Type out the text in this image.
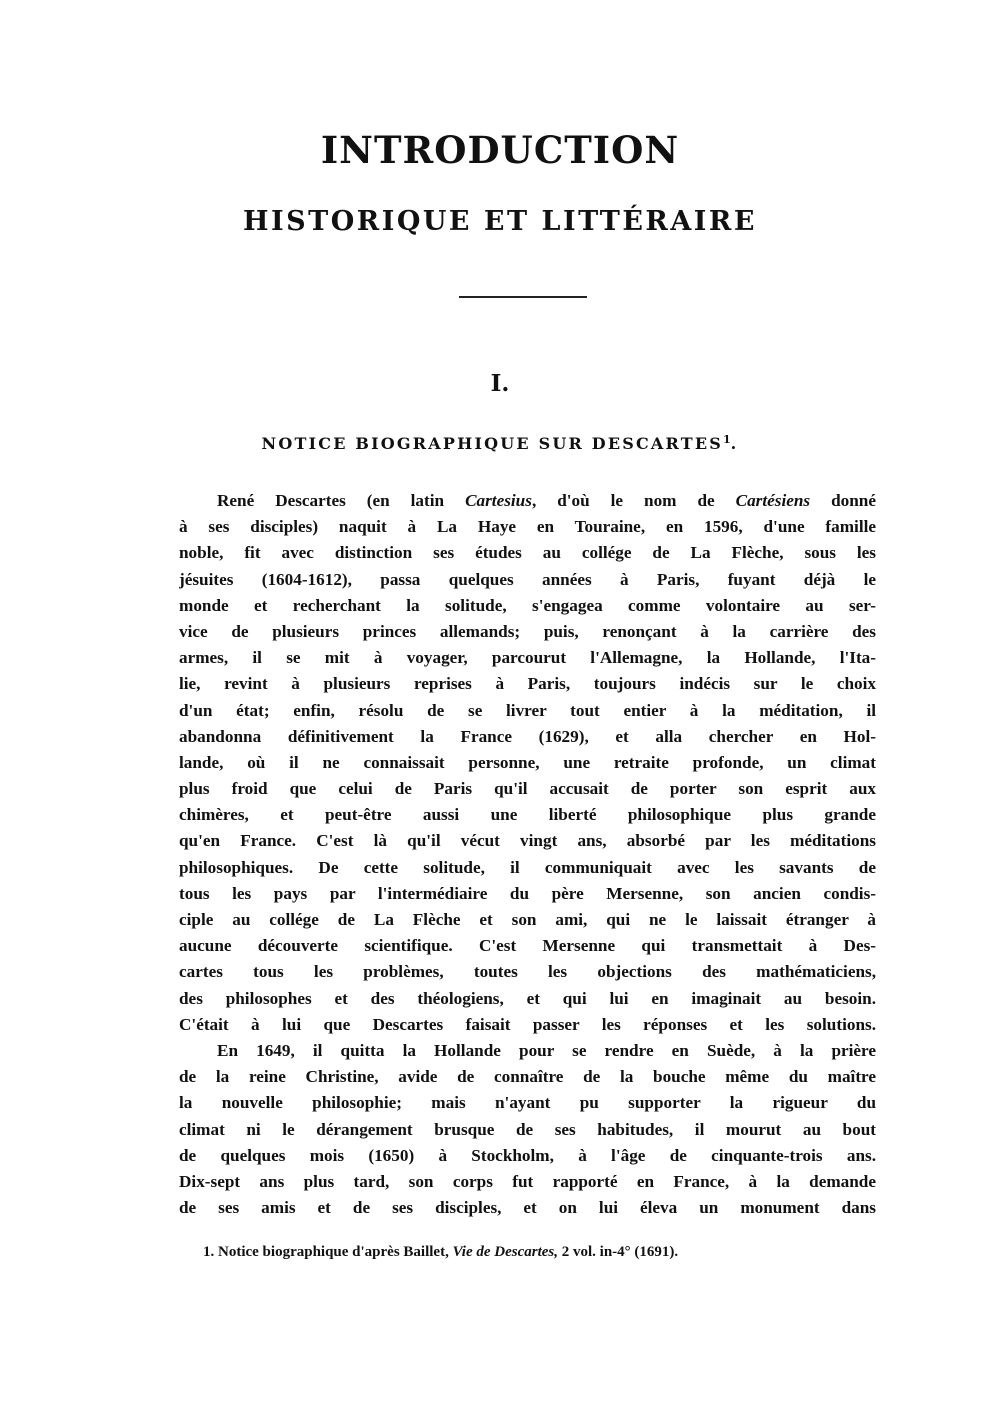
INTRODUCTION
HISTORIQUE ET LITTÉRAIRE
I.
NOTICE BIOGRAPHIQUE SUR DESCARTES$^1$.
René Descartes (en latin Cartesius, d'où le nom de Cartésiens donné
à ses disciples) naquit à La Haye en Touraine, en 1596, d'une famille
noble, fit avec distinction ses études au collége de La Flèche, sous les
jésuites (1604-1612), passa quelques années à Paris, fuyant déjà le
monde et recherchant la solitude, s'engagea comme volontaire au ser-
vice de plusieurs princes allemands; puis, renonçant à la carrière des
armes, il se mit à voyager, parcourut l'Allemagne, la Hollande, l'Ita-
lie, revint à plusieurs reprises à Paris, toujours indécis sur le choix
d'un état; enfin, résolu de se livrer tout entier à la méditation, il
abandonna définitivement la France (1629), et alla chercher en Hol-
lande, où il ne connaissait personne, une retraite profonde, un climat
plus froid que celui de Paris qu'il accusait de porter son esprit aux
chimères, et peut-être aussi une liberté philosophique plus grande
qu'en France. C'est là qu'il vécut vingt ans, absorbé par les méditations
philosophiques. De cette solitude, il communiquait avec les savants de
tous les pays par l'intermédiaire du père Mersenne, son ancien condis-
ciple au collége de La Flèche et son ami, qui ne le laissait étranger à
aucune découverte scientifique. C'est Mersenne qui transmettait à Des-
cartes tous les problèmes, toutes les objections des mathématiciens,
des philosophes et des théologiens, et qui lui en imaginait au besoin.
C'était à lui que Descartes faisait passer les réponses et les solutions.
En 1649, il quitta la Hollande pour se rendre en Suède, à la prière
de la reine Christine, avide de connaître de la bouche même du maître
la nouvelle philosophie; mais n'ayant pu supporter la rigueur du
climat ni le dérangement brusque de ses habitudes, il mourut au bout
de quelques mois (1650) à Stockholm, à l'âge de cinquante-trois ans.
Dix-sept ans plus tard, son corps fut rapporté en France, à la demande
de ses amis et de ses disciples, et on lui éleva un monument dans
1. Notice biographique d'après Baillet, Vie de Descartes, 2 vol. in-4° (1691).
